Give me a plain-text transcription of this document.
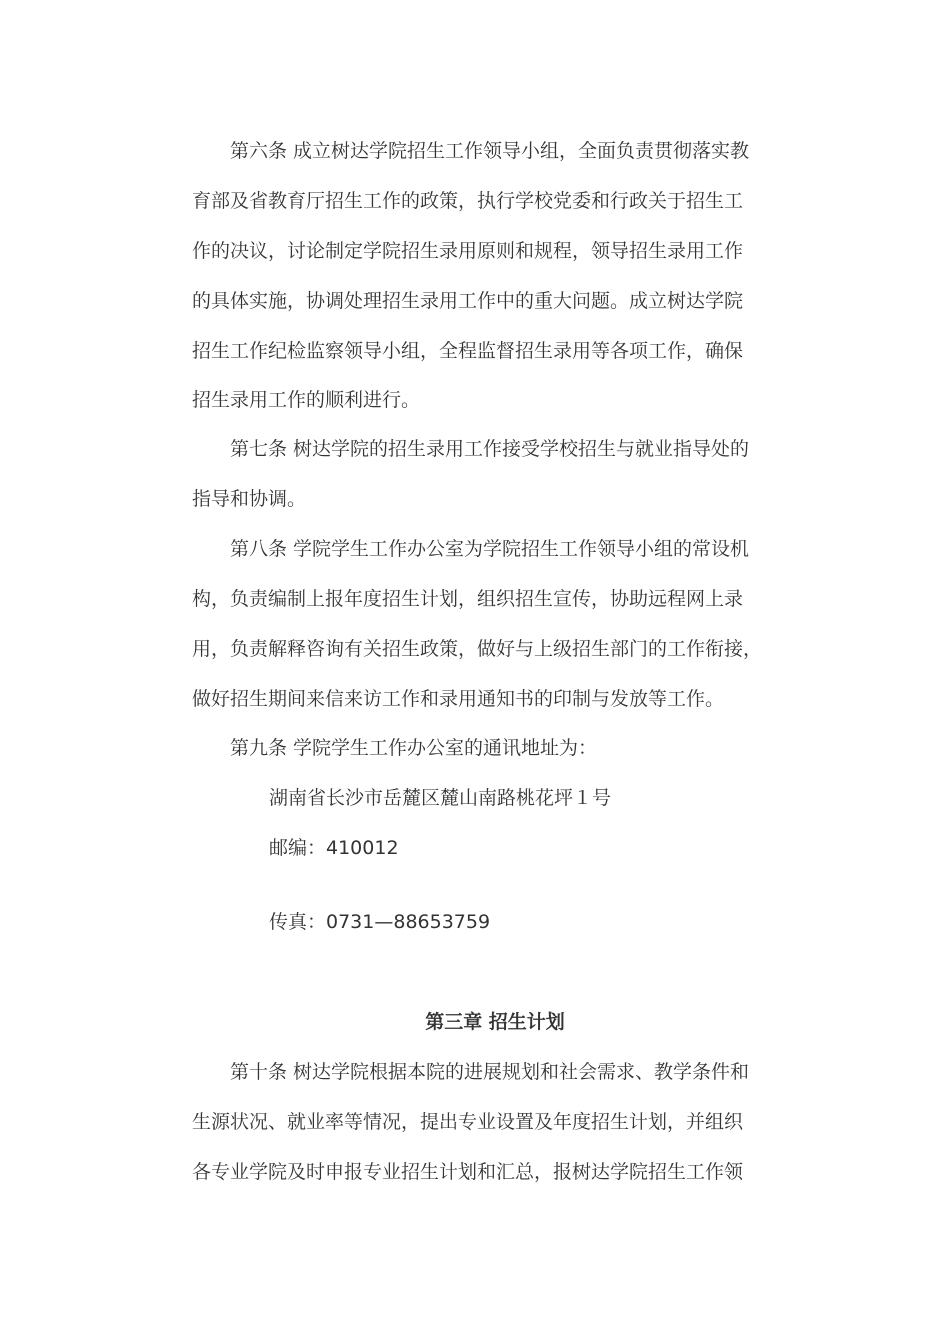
第六条 成立树达学院招生工作领导小组，全面负责贯彻落实教
育部及省教育厅招生工作的政策，执行学校党委和行政关于招生工
作的决议，讨论制定学院招生录用原则和规程，领导招生录用工作
的具体实施，协调处理招生录用工作中的重大问题。成立树达学院
招生工作纪检监察领导小组，全程监督招生录用等各项工作，确保
招生录用工作的顺利进行。
第七条 树达学院的招生录用工作接受学校招生与就业指导处的
指导和协调。
第八条 学院学生工作办公室为学院招生工作领导小组的常设机
构，负责编制上报年度招生计划，组织招生宣传，协助远程网上录
用，负责解释咨询有关招生政策，做好与上级招生部门的工作衔接，
做好招生期间来信来访工作和录用通知书的印制与发放等工作。
第九条 学院学生工作办公室的通讯地址为：
湖南省长沙市岳麓区麓山南路桃花坪１号
邮编：410012
传真：0731—88653759
第三章 招生计划
第十条 树达学院根据本院的进展规划和社会需求、教学条件和
生源状况、就业率等情况，提出专业设置及年度招生计划，并组织
各专业学院及时申报专业招生计划和汇总，报树达学院招生工作领
